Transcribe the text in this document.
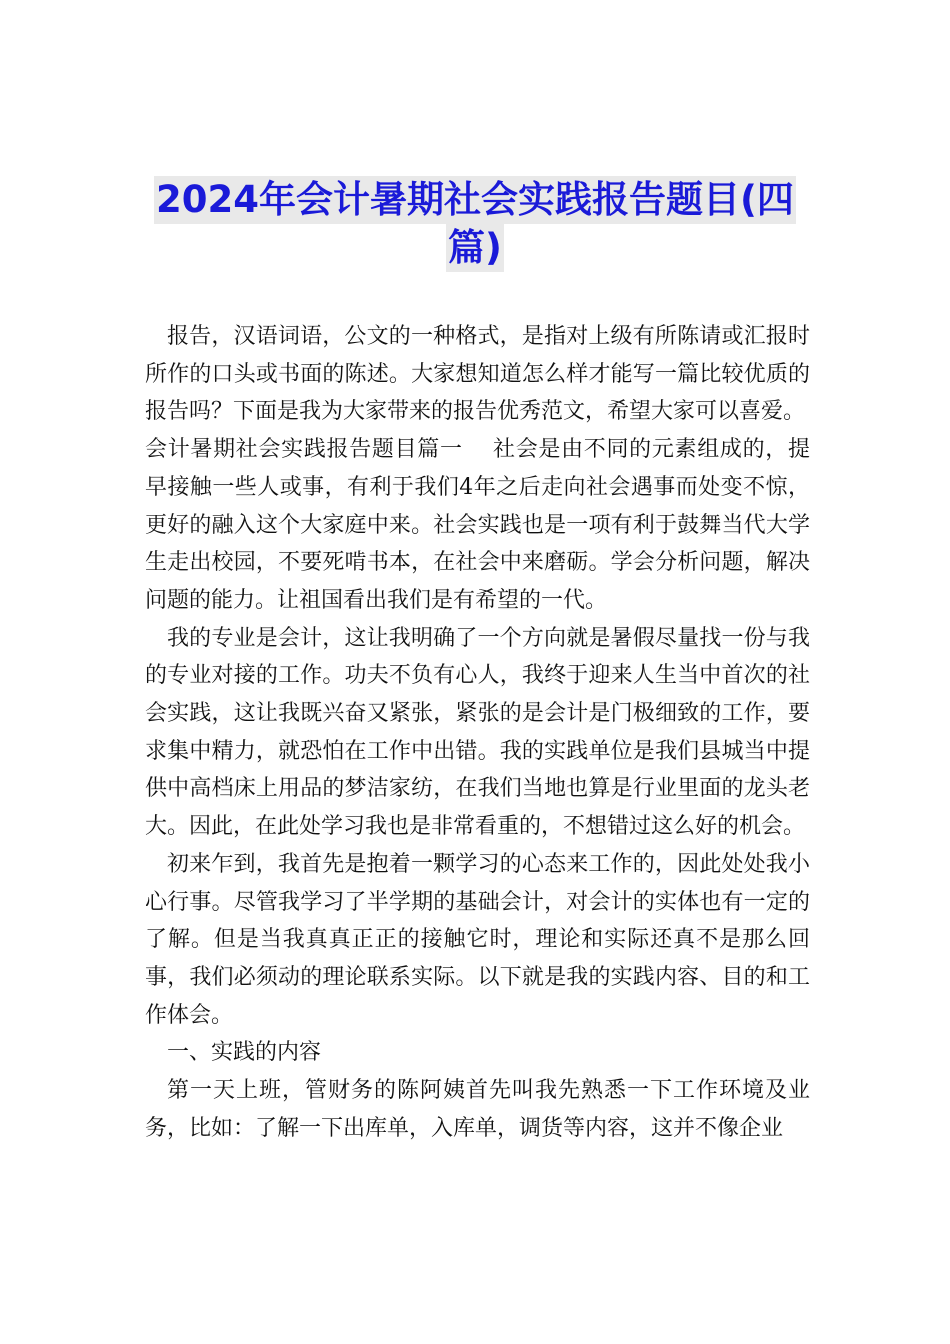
2024年会计暑期社会实践报告题目(四
篇)

报告，汉语词语，公文的一种格式，是指对上级有所陈请或汇报时所作的口头或书面的陈述。大家想知道怎么样才能写一篇比较优质的报告吗？下面是我为大家带来的报告优秀范文，希望大家可以喜爱。

会计暑期社会实践报告题目篇一　 社会是由不同的元素组成的，提早接触一些人或事，有利于我们4年之后走向社会遇事而处变不惊，更好的融入这个大家庭中来。社会实践也是一项有利于鼓舞当代大学生走出校园，不要死啃书本，在社会中来磨砺。学会分析问题，解决问题的能力。让祖国看出我们是有希望的一代。

我的专业是会计，这让我明确了一个方向就是暑假尽量找一份与我的专业对接的工作。功夫不负有心人，我终于迎来人生当中首次的社会实践，这让我既兴奋又紧张，紧张的是会计是门极细致的工作，要求集中精力，就恐怕在工作中出错。我的实践单位是我们县城当中提供中高档床上用品的梦洁家纺，在我们当地也算是行业里面的龙头老大。因此，在此处学习我也是非常看重的，不想错过这么好的机会。

初来乍到，我首先是抱着一颗学习的心态来工作的，因此处处我小心行事。尽管我学习了半学期的基础会计，对会计的实体也有一定的了解。但是当我真真正正的接触它时，理论和实际还真不是那么回事，我们必须动的理论联系实际。以下就是我的实践内容、目的和工作体会。

一、实践的内容

第一天上班，管财务的陈阿姨首先叫我先熟悉一下工作环境及业务，比如：了解一下出库单，入库单，调货等内容，这并不像企业
